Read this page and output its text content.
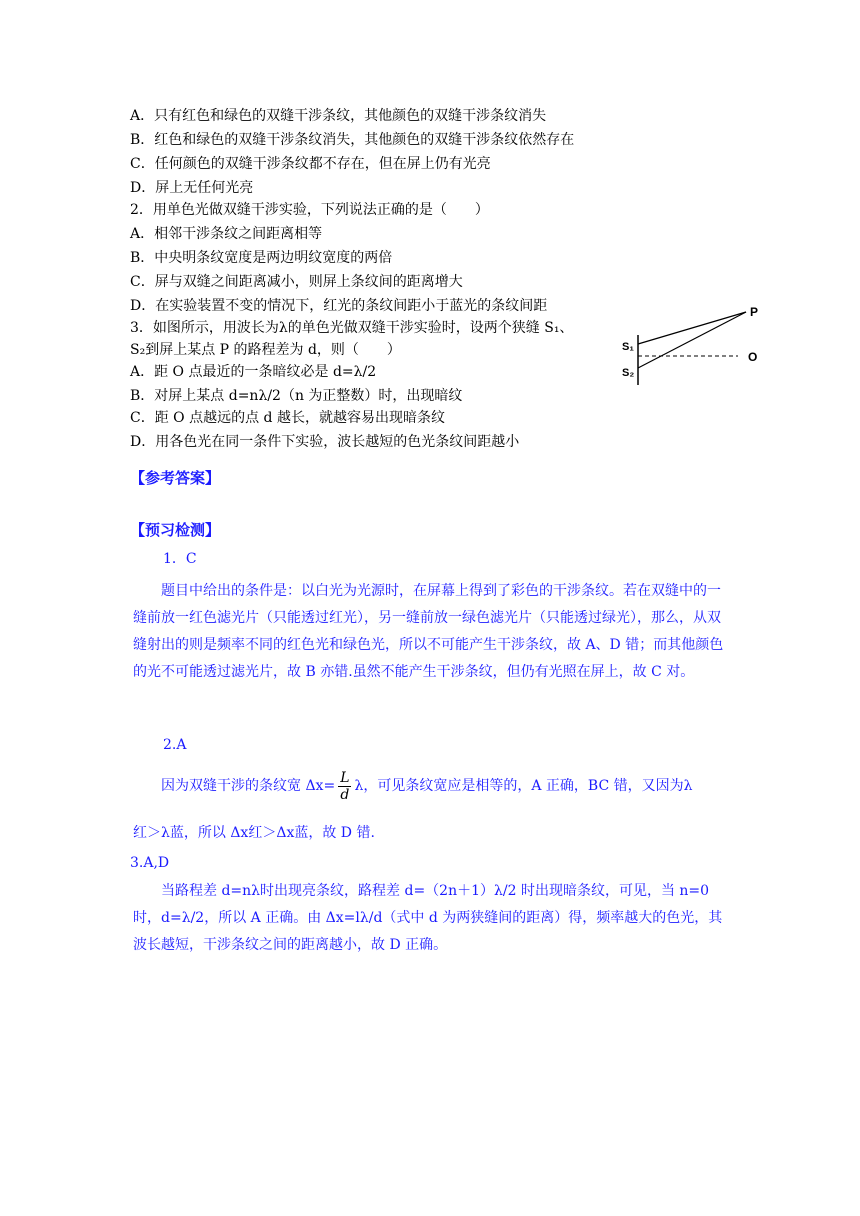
A．只有红色和绿色的双缝干涉条纹，其他颜色的双缝干涉条纹消失
B．红色和绿色的双缝干涉条纹消失，其他颜色的双缝干涉条纹依然存在
C．任何颜色的双缝干涉条纹都不存在，但在屏上仍有光亮
D．屏上无任何光亮
2．用单色光做双缝干涉实验，下列说法正确的是（　　）
A．相邻干涉条纹之间距离相等
B．中央明条纹宽度是两边明纹宽度的两倍
C．屏与双缝之间距离减小，则屏上条纹间的距离增大
D．在实验装置不变的情况下，红光的条纹间距小于蓝光的条纹间距
3．如图所示，用波长为λ的单色光做双缝干涉实验时，设两个狭缝 S₁、
S₂到屏上某点 P 的路程差为 d，则（　　）
A．距 O 点最近的一条暗纹必是 d=λ/2
B．对屏上某点 d=nλ/2（n 为正整数）时，出现暗纹
C．距 O 点越远的点 d 越长，就越容易出现暗条纹
D．用各色光在同一条件下实验，波长越短的色光条纹间距越小
P
S₁
S₂
O
【参考答案】
【预习检测】
1．C
题目中给出的条件是：以白光为光源时，在屏幕上得到了彩色的干涉条纹。若在双缝中的一缝前放一红色滤光片（只能透过红光），另一缝前放一绿色滤光片（只能透过绿光），那么，从双缝射出的则是频率不同的红色光和绿色光，所以不可能产生干涉条纹，故 A、D 错；而其他颜色的光不可能透过滤光片，故 B 亦错.虽然不能产生干涉条纹，但仍有光照在屏上，故 C 对。
2.A
因为双缝干涉的条纹宽 $\Delta x= \frac{L}{d}$ λ，可见条纹宽应是相等的，A 正确，BC 错，又因为λ
红＞λ蓝，所以 Δx红＞Δx蓝，故 D 错.
3.A,D
当路程差 d=nλ时出现亮条纹，路程差 d=（2n＋1）λ/2 时出现暗条纹，可见，当 n=0 时，d=λ/2，所以 A 正确。由 Δx=lλ/d（式中 d 为两狭缝间的距离）得，频率越大的色光，其波长越短，干涉条纹之间的距离越小，故 D 正确。
